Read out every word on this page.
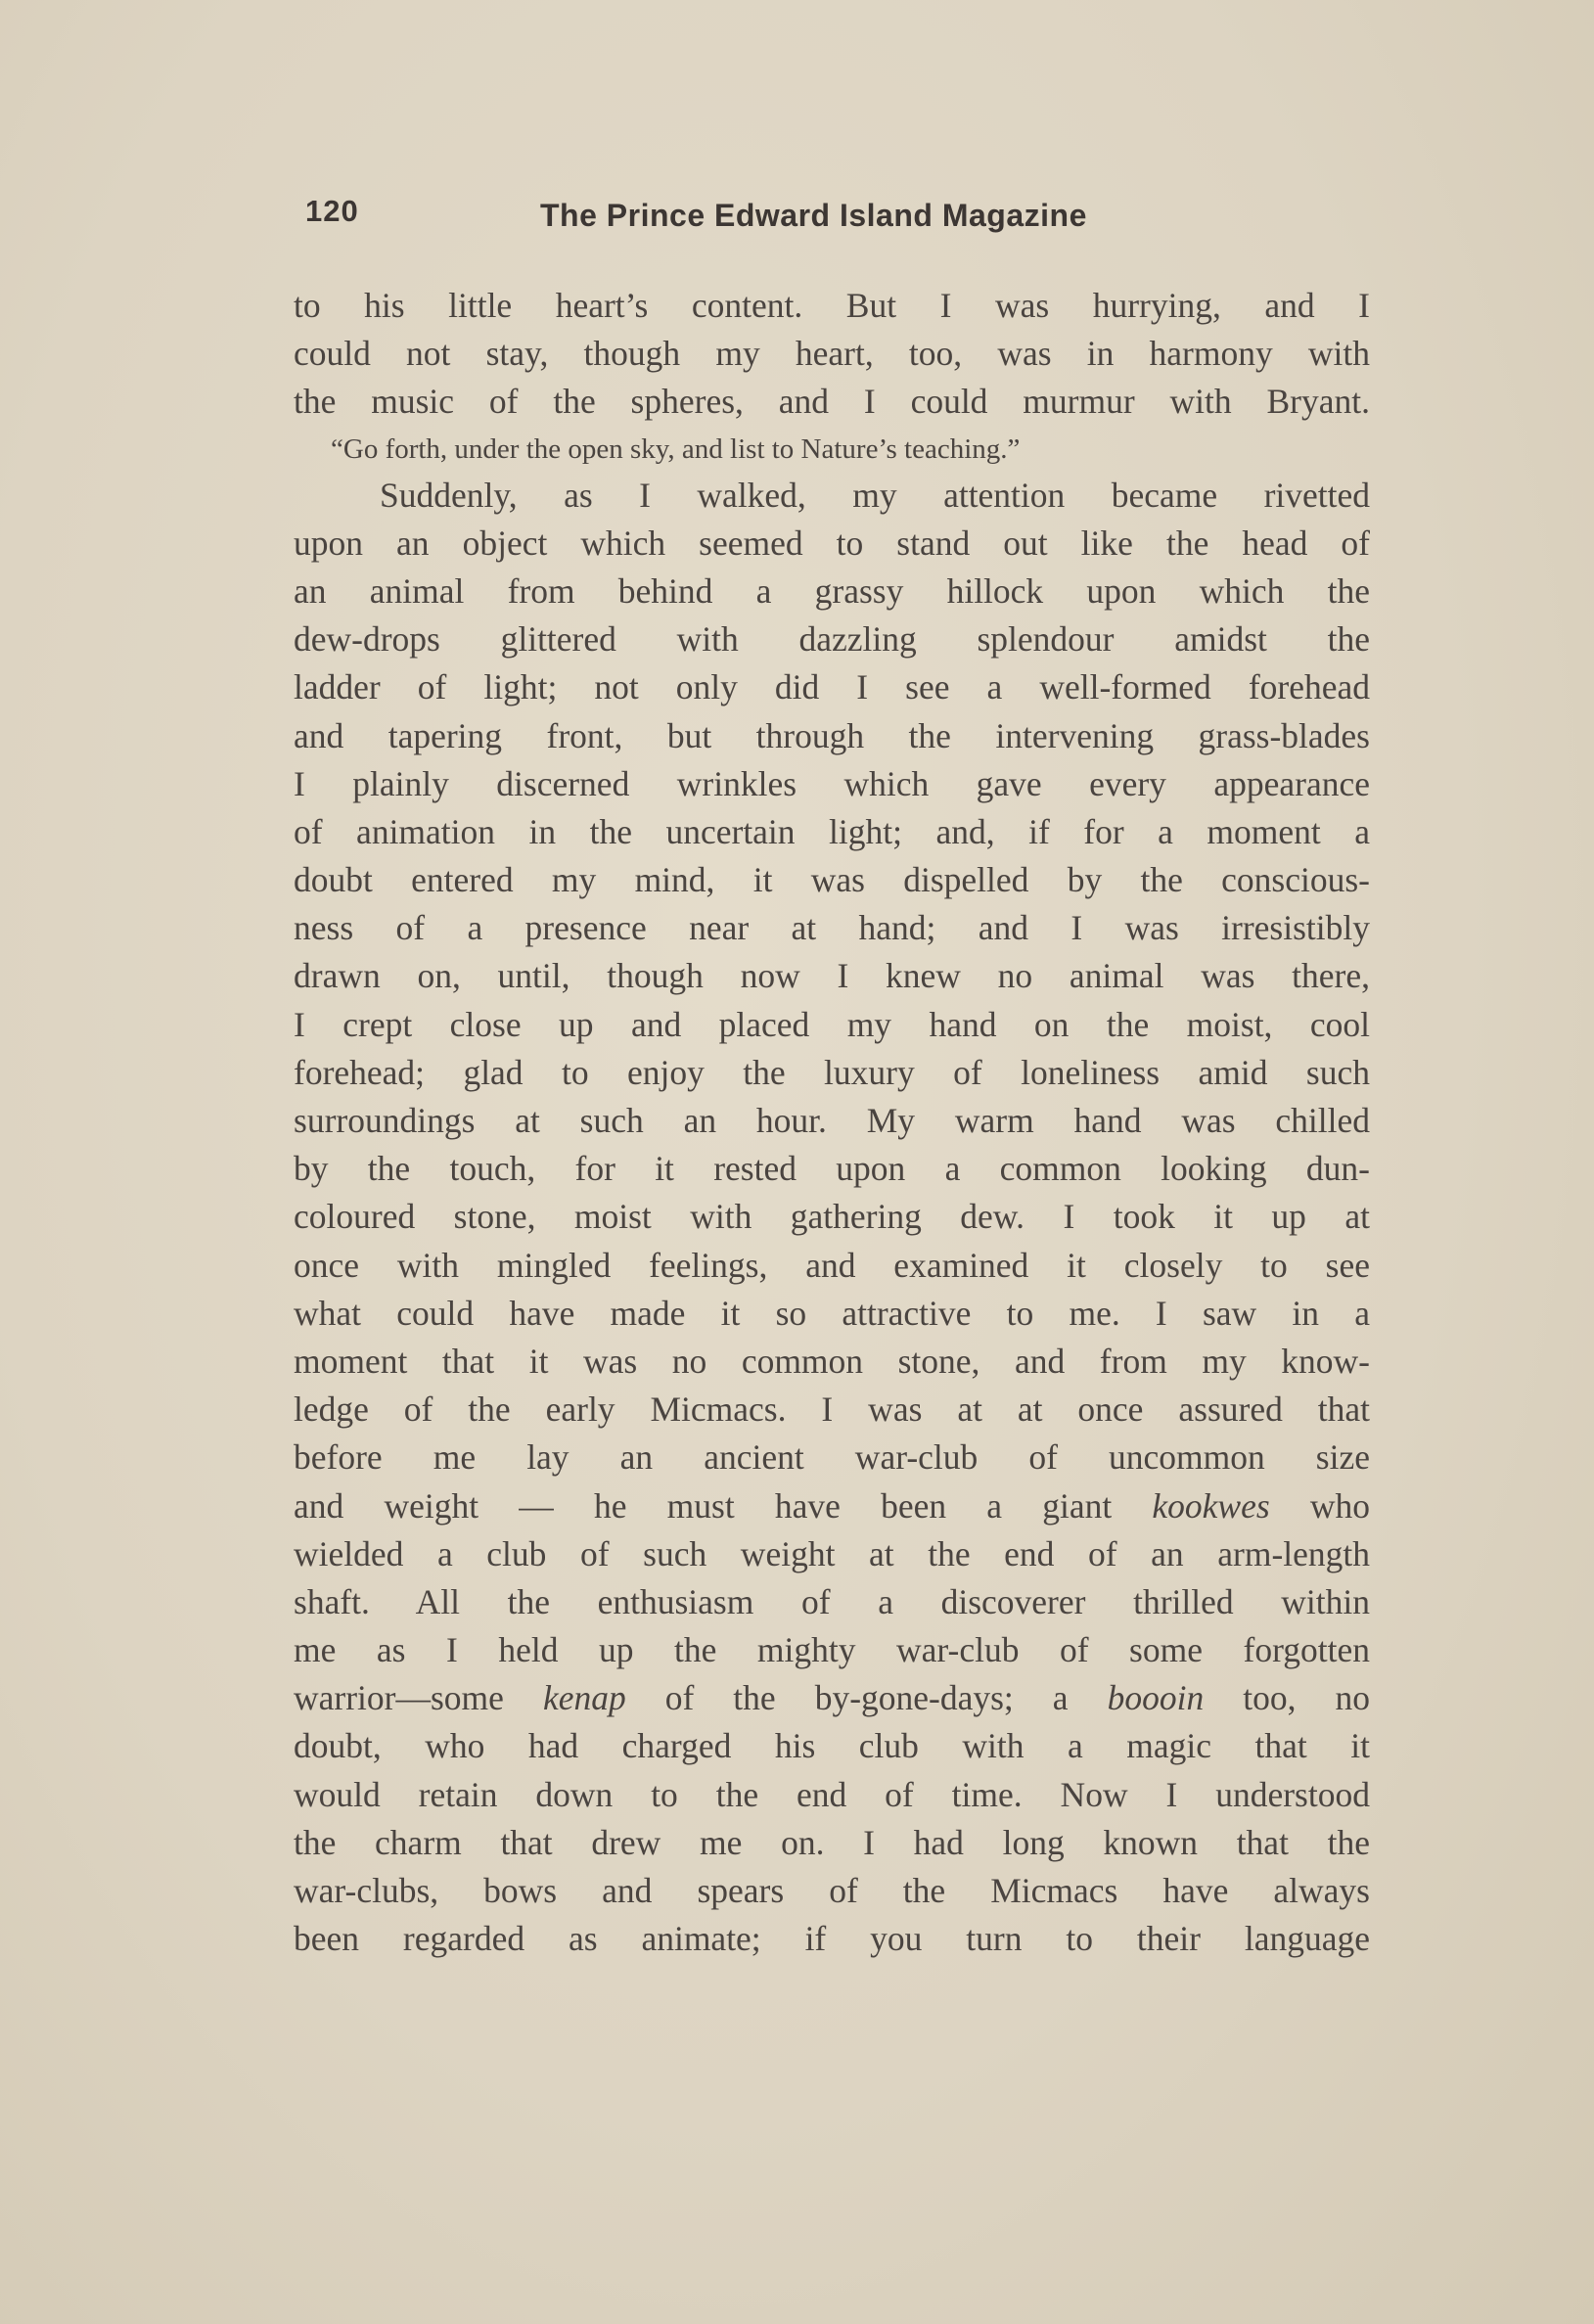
120	The Prince Edward Island Magazine
to his little heart’s content. But I was hurrying, and I
could not stay, though my heart, too, was in harmony with
the music of the spheres, and I could murmur with Bryant.
“Go forth, under the open sky, and list to Nature’s teaching.”
Suddenly, as I walked, my attention became rivetted
upon an object which seemed to stand out like the head of
an animal from behind a grassy hillock upon which the
dew-drops glittered with dazzling splendour amidst the
ladder of light; not only did I see a well-formed forehead
and tapering front, but through the intervening grass-blades
I plainly discerned wrinkles which gave every appearance
of animation in the uncertain light; and, if for a moment a
doubt entered my mind, it was dispelled by the conscious-
ness of a presence near at hand; and I was irresistibly
drawn on, until, though now I knew no animal was there,
I crept close up and placed my hand on the moist, cool
forehead; glad to enjoy the luxury of loneliness amid such
surroundings at such an hour. My warm hand was chilled
by the touch, for it rested upon a common looking dun-
coloured stone, moist with gathering dew. I took it up at
once with mingled feelings, and examined it closely to see
what could have made it so attractive to me. I saw in a
moment that it was no common stone, and from my know-
ledge of the early Micmacs. I was at at once assured that
before me lay an ancient war-club of uncommon size
and weight — he must have been a giant kookwes who
wielded a club of such weight at the end of an arm-length
shaft. All the enthusiasm of a discoverer thrilled within
me as I held up the mighty war-club of some forgotten
warrior—some kenap of the by-gone-days; a boooin too, no
doubt, who had charged his club with a magic that it
would retain down to the end of time. Now I understood
the charm that drew me on. I had long known that the
war-clubs, bows and spears of the Micmacs have always
been regarded as animate; if you turn to their language
